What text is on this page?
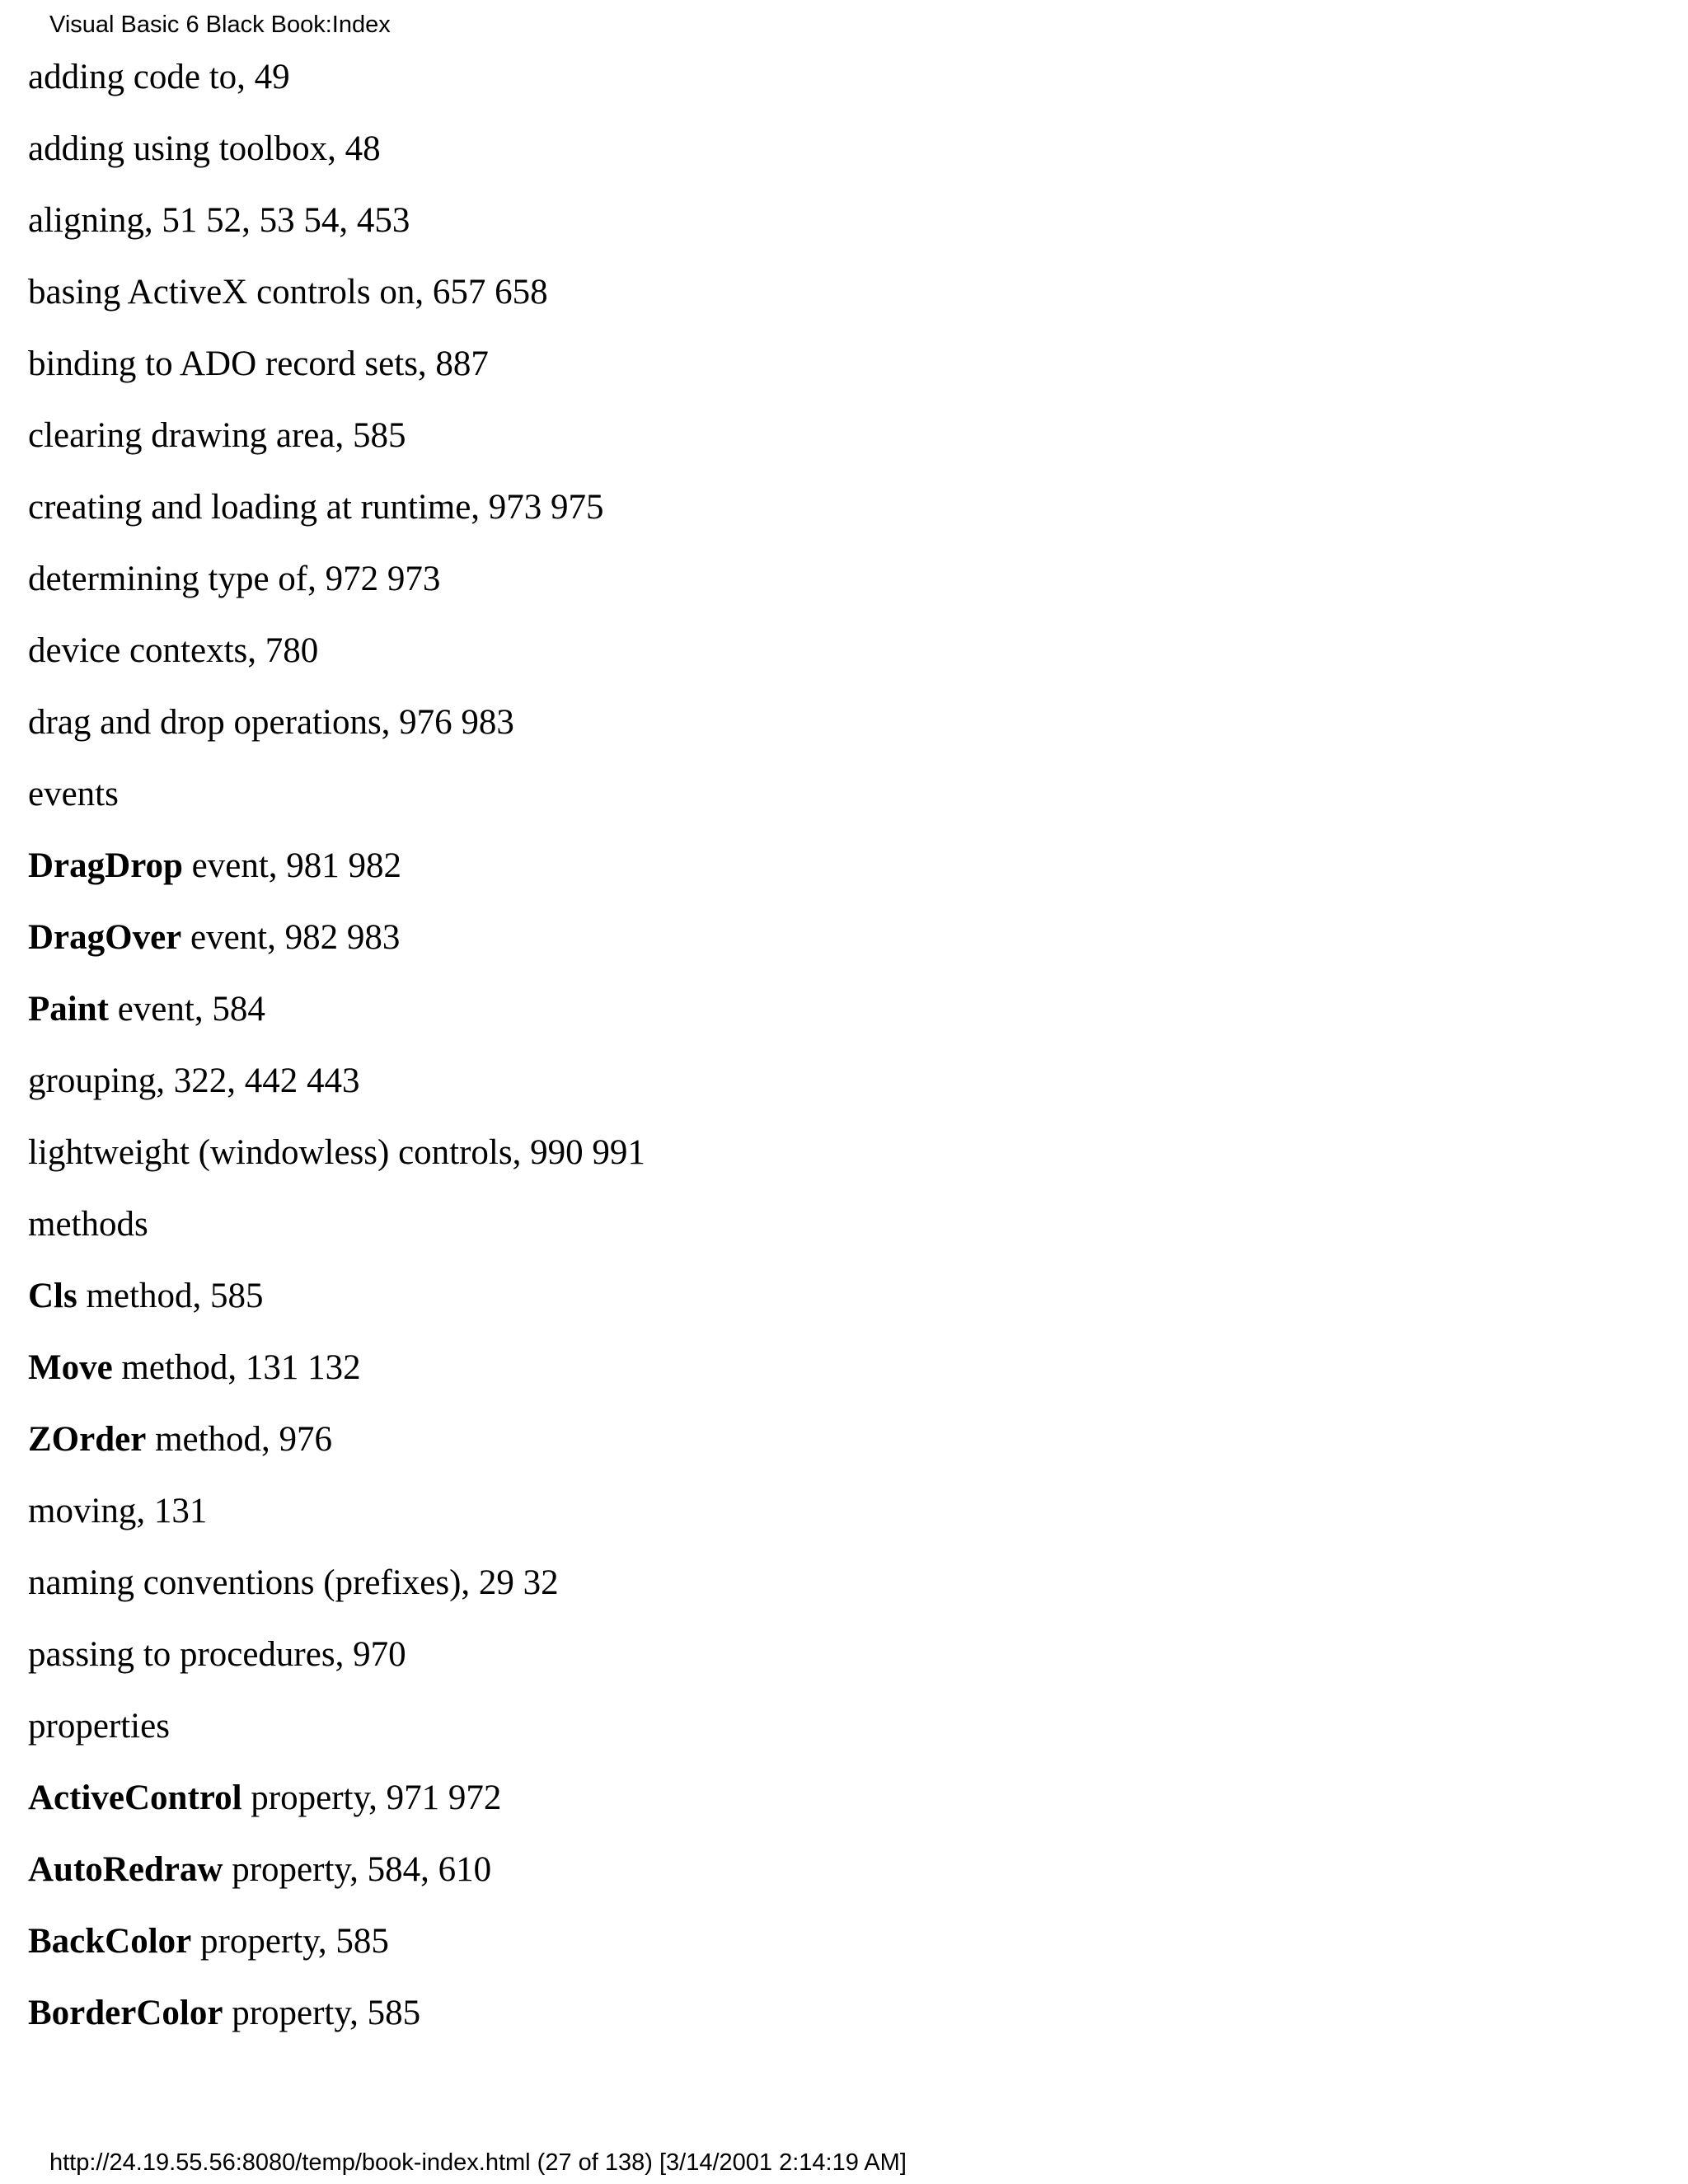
Visual Basic 6 Black Book:Index
adding code to, 49
adding using toolbox, 48
aligning, 51 52, 53 54, 453
basing ActiveX controls on, 657 658
binding to ADO record sets, 887
clearing drawing area, 585
creating and loading at runtime, 973 975
determining type of, 972 973
device contexts, 780
drag and drop operations, 976 983
events
DragDrop event, 981 982
DragOver event, 982 983
Paint event, 584
grouping, 322, 442 443
lightweight (windowless) controls, 990 991
methods
Cls method, 585
Move method, 131 132
ZOrder method, 976
moving, 131
naming conventions (prefixes), 29 32
passing to procedures, 970
properties
ActiveControl property, 971 972
AutoRedraw property, 584, 610
BackColor property, 585
BorderColor property, 585
http://24.19.55.56:8080/temp/book-index.html (27 of 138) [3/14/2001 2:14:19 AM]
